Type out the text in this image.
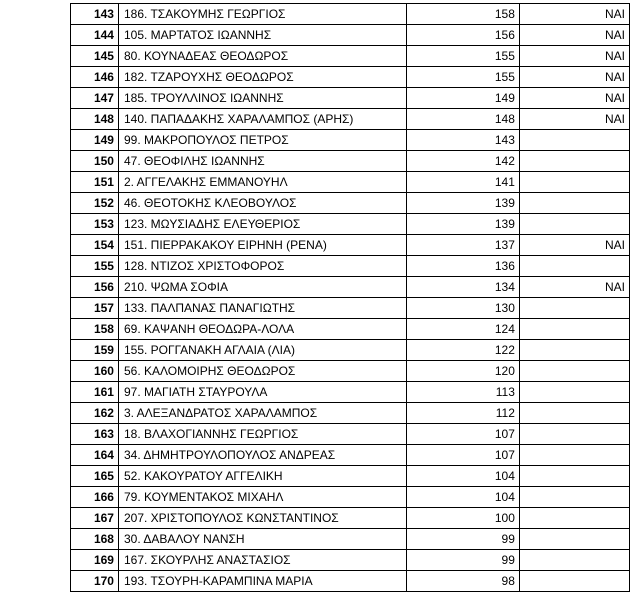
143	186. ΤΣΑΚΟΥΜΗΣ ΓΕΩΡΓΙΟΣ	158	ΝΑΙ
144	105. ΜΑΡΤΑΤΟΣ ΙΩΑΝΝΗΣ	156	ΝΑΙ
145	80. ΚΟΥΝΑΔΕΑΣ ΘΕΟΔΩΡΟΣ	155	ΝΑΙ
146	182. ΤΖΑΡΟΥΧΗΣ ΘΕΟΔΩΡΟΣ	155	ΝΑΙ
147	185. ΤΡΟΥΛΛΙΝΟΣ ΙΩΑΝΝΗΣ	149	ΝΑΙ
148	140. ΠΑΠΑΔΑΚΗΣ ΧΑΡΑΛΑΜΠΟΣ (ΑΡΗΣ)	148	ΝΑΙ
149	99. ΜΑΚΡΟΠΟΥΛΟΣ ΠΕΤΡΟΣ	143	
150	47. ΘΕΟΦΙΛΗΣ ΙΩΑΝΝΗΣ	142	
151	2. ΑΓΓΕΛΑΚΗΣ ΕΜΜΑΝΟΥΗΛ	141	
152	46. ΘΕΟΤΟΚΗΣ ΚΛΕΟΒΟΥΛΟΣ	139	
153	123. ΜΩΥΣΙΑΔΗΣ ΕΛΕΥΘΕΡΙΟΣ	139	
154	151. ΠΙΕΡΡΑΚΑΚΟΥ ΕΙΡΗΝΗ (ΡΕΝΑ)	137	ΝΑΙ
155	128. ΝΤΙΖΟΣ ΧΡΙΣΤΟΦΟΡΟΣ	136	
156	210. ΨΩΜΑ ΣΟΦΙΑ	134	ΝΑΙ
157	133. ΠΑΛΠΑΝΑΣ ΠΑΝΑΓΙΩΤΗΣ	130	
158	69. ΚΑΨΑΝΗ ΘΕΟΔΩΡΑ-ΛΟΛΑ	124	
159	155. ΡΟΓΓΑΝΑΚΗ ΑΓΛΑΙΑ (ΛΙΑ)	122	
160	56. ΚΑΛΟΜΟΙΡΗΣ ΘΕΟΔΩΡΟΣ	120	
161	97. ΜΑΓΙΑΤΗ ΣΤΑΥΡΟΥΛΑ	113	
162	3. ΑΛΕΞΑΝΔΡΑΤΟΣ ΧΑΡΑΛΑΜΠΟΣ	112	
163	18. ΒΛΑΧΟΓΙΑΝΝΗΣ ΓΕΩΡΓΙΟΣ	107	
164	34. ΔΗΜΗΤΡΟΥΛΟΠΟΥΛΟΣ ΑΝΔΡΕΑΣ	107	
165	52. ΚΑΚΟΥΡΑΤΟΥ ΑΓΓΕΛΙΚΗ	104	
166	79. ΚΟΥΜΕΝΤΑΚΟΣ ΜΙΧΑΗΛ	104	
167	207. ΧΡΙΣΤΟΠΟΥΛΟΣ ΚΩΝΣΤΑΝΤΙΝΟΣ	100	
168	30. ΔΑΒΑΛΟΥ ΝΑΝΣΗ	99	
169	167. ΣΚΟΥΡΛΗΣ ΑΝΑΣΤΑΣΙΟΣ	99	
170	193. ΤΣΟΥΡΗ-ΚΑΡΑΜΠΙΝΑ ΜΑΡΙΑ	98	
